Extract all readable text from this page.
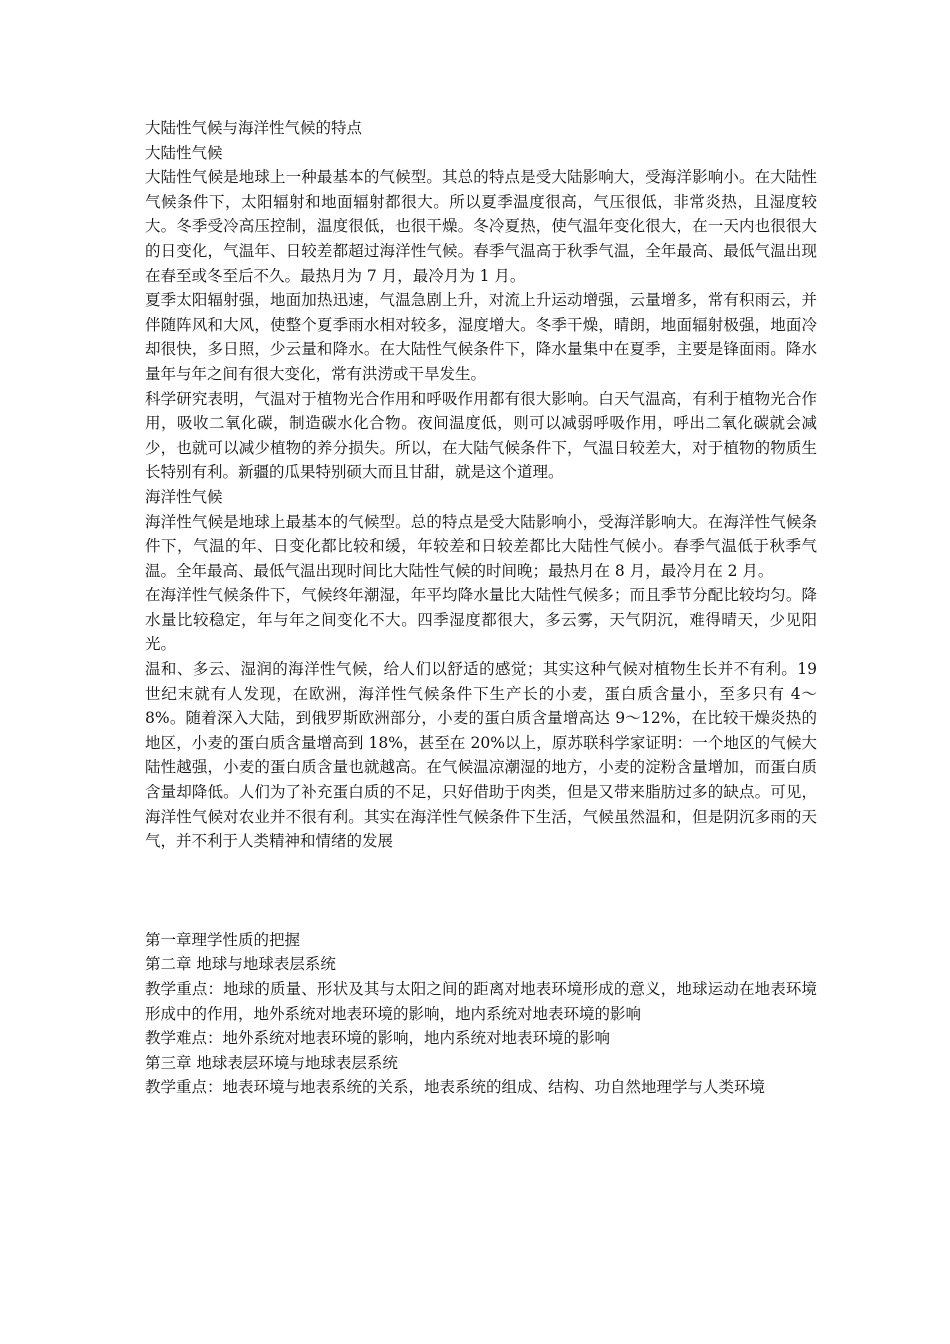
大陆性气候与海洋性气候的特点
大陆性气候
大陆性气候是地球上一种最基本的气候型。其总的特点是受大陆影响大，受海洋影响小。在大陆性气候条件下，太阳辐射和地面辐射都很大。所以夏季温度很高，气压很低，非常炎热，且湿度较大。冬季受冷高压控制，温度很低，也很干燥。冬冷夏热，使气温年变化很大，在一天内也很很大的日变化，气温年、日较差都超过海洋性气候。春季气温高于秋季气温，全年最高、最低气温出现在春至或冬至后不久。最热月为 7 月，最冷月为 1 月。
夏季太阳辐射强，地面加热迅速，气温急剧上升，对流上升运动增强，云量增多，常有积雨云，并伴随阵风和大风，使整个夏季雨水相对较多，湿度增大。冬季干燥，晴朗，地面辐射极强，地面冷却很快，多日照，少云量和降水。在大陆性气候条件下，降水量集中在夏季，主要是锋面雨。降水量年与年之间有很大变化，常有洪涝或干旱发生。
科学研究表明，气温对于植物光合作用和呼吸作用都有很大影响。白天气温高，有利于植物光合作用，吸收二氧化碳，制造碳水化合物。夜间温度低，则可以减弱呼吸作用，呼出二氧化碳就会减少，也就可以减少植物的养分损失。所以，在大陆气候条件下，气温日较差大，对于植物的物质生长特别有利。新疆的瓜果特别硕大而且甘甜，就是这个道理。
海洋性气候
海洋性气候是地球上最基本的气候型。总的特点是受大陆影响小，受海洋影响大。在海洋性气候条件下，气温的年、日变化都比较和缓，年较差和日较差都比大陆性气候小。春季气温低于秋季气温。全年最高、最低气温出现时间比大陆性气候的时间晚；最热月在 8 月，最冷月在 2 月。
在海洋性气候条件下，气候终年潮湿，年平均降水量比大陆性气候多；而且季节分配比较均匀。降水量比较稳定，年与年之间变化不大。四季湿度都很大，多云雾，天气阴沉，难得晴天，少见阳光。
温和、多云、湿润的海洋性气候，给人们以舒适的感觉；其实这种气候对植物生长并不有利。19 世纪末就有人发现，在欧洲，海洋性气候条件下生产长的小麦，蛋白质含量小，至多只有 4～8%。随着深入大陆，到俄罗斯欧洲部分，小麦的蛋白质含量增高达 9～12%，在比较干燥炎热的地区，小麦的蛋白质含量增高到 18%，甚至在 20%以上，原苏联科学家证明：一个地区的气候大陆性越强，小麦的蛋白质含量也就越高。在气候温凉潮湿的地方，小麦的淀粉含量增加，而蛋白质含量却降低。人们为了补充蛋白质的不足，只好借助于肉类，但是又带来脂肪过多的缺点。可见，海洋性气候对农业并不很有利。其实在海洋性气候条件下生活，气候虽然温和，但是阴沉多雨的天气，并不利于人类精神和情绪的发展
第一章理学性质的把握
第二章 地球与地球表层系统
教学重点：地球的质量、形状及其与太阳之间的距离对地表环境形成的意义，地球运动在地表环境形成中的作用，地外系统对地表环境的影响，地内系统对地表环境的影响
教学难点：地外系统对地表环境的影响，地内系统对地表环境的影响
第三章 地球表层环境与地球表层系统
教学重点：地表环境与地表系统的关系，地表系统的组成、结构、功自然地理学与人类环境
